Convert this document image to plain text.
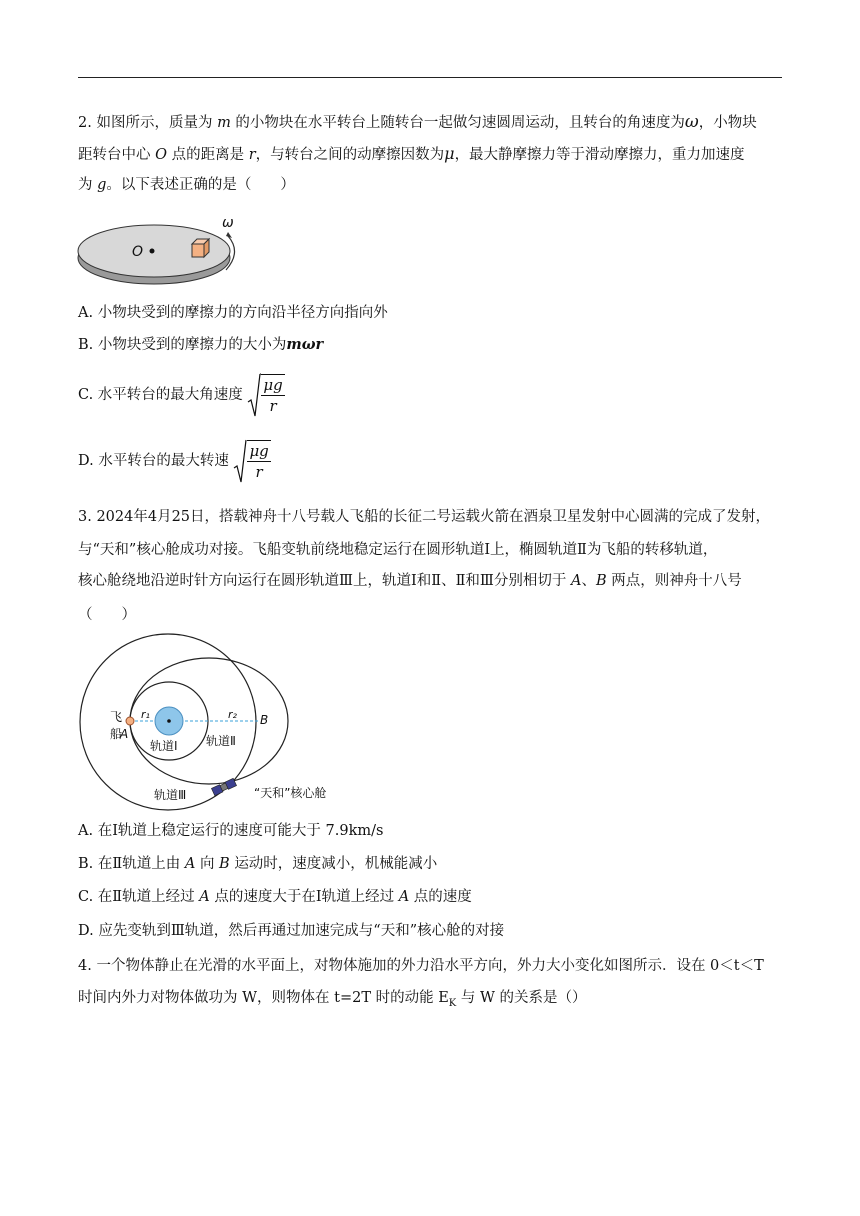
2. 如图所示，质量为 m 的小物块在水平转台上随转台一起做匀速圆周运动，且转台的角速度为ω，小物块
距转台中心 O 点的距离是 r，与转台之间的动摩擦因数为μ，最大静摩擦力等于滑动摩擦力，重力加速度
为 g。以下表述正确的是（　　）
O
ω
A. 小物块受到的摩擦力的方向沿半径方向指向外
B. 小物块受到的摩擦力的大小为mωr
C. 水平转台的最大角速度 $\frac{\mu g}{r}$
D. 水平转台的最大转速 $\frac{\mu g}{r}$
3. 2024年4月25日，搭载神舟十八号载人飞船的长征二号运载火箭在酒泉卫星发射中心圆满的完成了发射，
与“天和”核心舱成功对接。飞船变轨前绕地稳定运行在圆形轨道Ⅰ上，椭圆轨道Ⅱ为飞船的转移轨道，
核心舱绕地沿逆时针方向运行在圆形轨道Ⅲ上，轨道Ⅰ和Ⅱ、Ⅱ和Ⅲ分别相切于 A、B 两点，则神舟十八号
（　　）
飞
船
A
B
r₁	r₂
轨道Ⅰ 轨道Ⅱ
轨道Ⅲ	“天和”核心舱
A. 在Ⅰ轨道上稳定运行的速度可能大于 7.9km/s
B. 在Ⅱ轨道上由 A 向 B 运动时，速度减小，机械能减小
C. 在Ⅱ轨道上经过 A 点的速度大于在Ⅰ轨道上经过 A 点的速度
D. 应先变轨到Ⅲ轨道，然后再通过加速完成与“天和”核心舱的对接
4. 一个物体静止在光滑的水平面上，对物体施加的外力沿水平方向，外力大小变化如图所示．设在 0＜t＜T
时间内外力对物体做功为 W，则物体在 t=2T 时的动能 $E_K$ 与 W 的关系是（）
